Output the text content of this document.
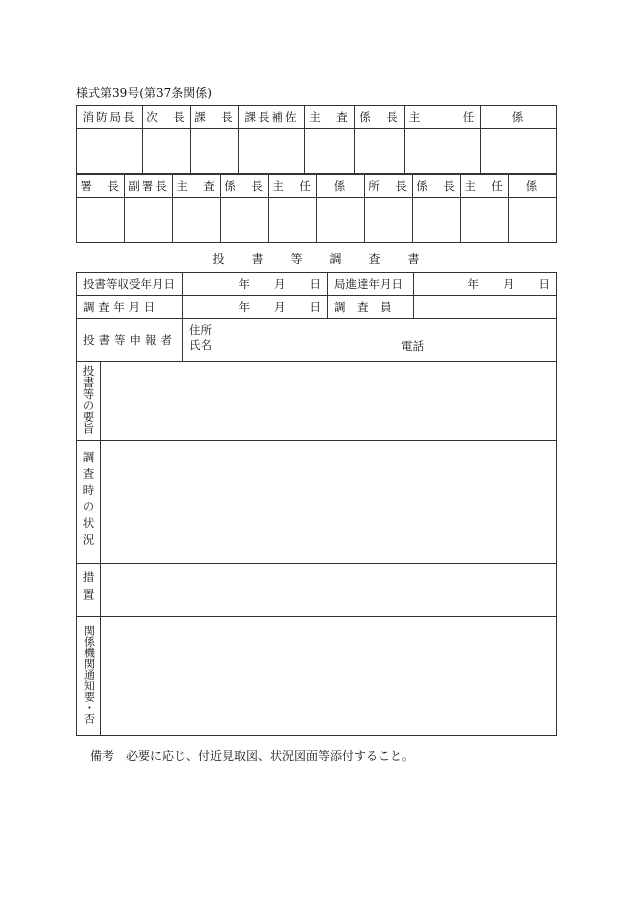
様式第39号(第37条関係)
消防局長	次　長	課　長	課長補佐	主　査	係　長	主　　　任	係

署　長	副署長	主　査	係　長	主　任	係	所　長	係　長	主　任	係

投書等調査書
投書等収受年月日		年 月 日	局進達年月日	年 月 日

調 査 年 月 日		年 月 日	調　査　員	
投書等申報者		住所
氏名 電話		

投書等の要旨				
調査時の状況				
措置				
関係機関通知要・否				
備考　必要に応じ、付近見取図、状況図面等添付すること。
